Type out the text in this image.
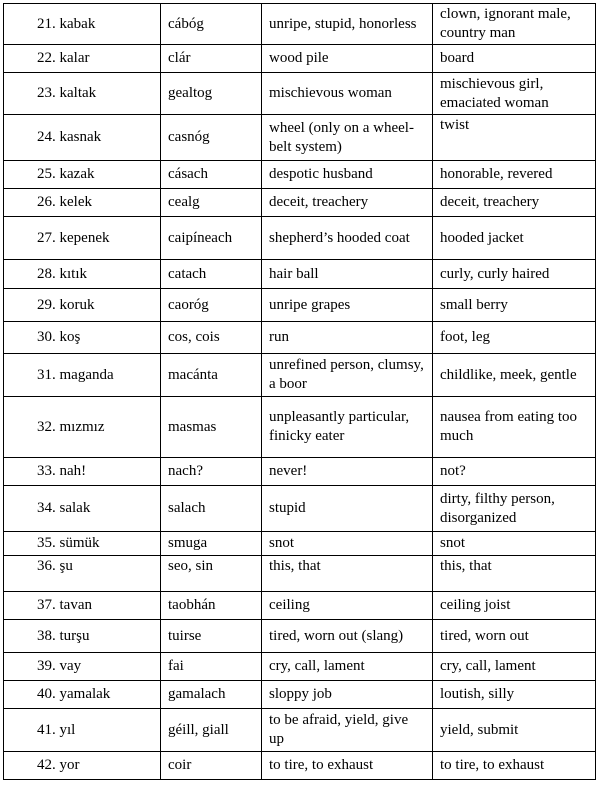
21. kabak	cábóg	unripe, stupid, honorless	clown, ignorant male, country man
22. kalar	clár	wood pile	board
23. kaltak	gealtog	mischievous woman	mischievous girl, emaciated woman
24. kasnak	casnóg	wheel (only on a wheel-belt system)	twist
25. kazak	cásach	despotic husband	honorable, revered
26. kelek	cealg	deceit, treachery	deceit, treachery
27. kepenek	caipíneach	shepherd’s hooded coat	hooded jacket
28. kıtık	catach	hair ball	curly, curly haired
29. koruk	caoróg	unripe grapes	small berry
30. koş	cos, cois	run	foot, leg
31. maganda	macánta	unrefined person, clumsy, a boor	childlike, meek, gentle
32. mızmız	masmas	unpleasantly particular, finicky eater	nausea from eating too much
33. nah!	nach?	never!	not?
34. salak	salach	stupid	dirty, filthy person, disorganized
35. sümük	smuga	snot	snot
36. şu	seo, sin	this, that	this, that
37. tavan	taobhán	ceiling	ceiling joist
38. turşu	tuirse	tired, worn out (slang)	tired, worn out
39. vay	fai	cry, call, lament	cry, call, lament
40. yamalak	gamalach	sloppy job	loutish, silly
41. yıl	géill, giall	to be afraid, yield, give up	yield, submit
42. yor	coir	to tire, to exhaust	to tire, to exhaust
